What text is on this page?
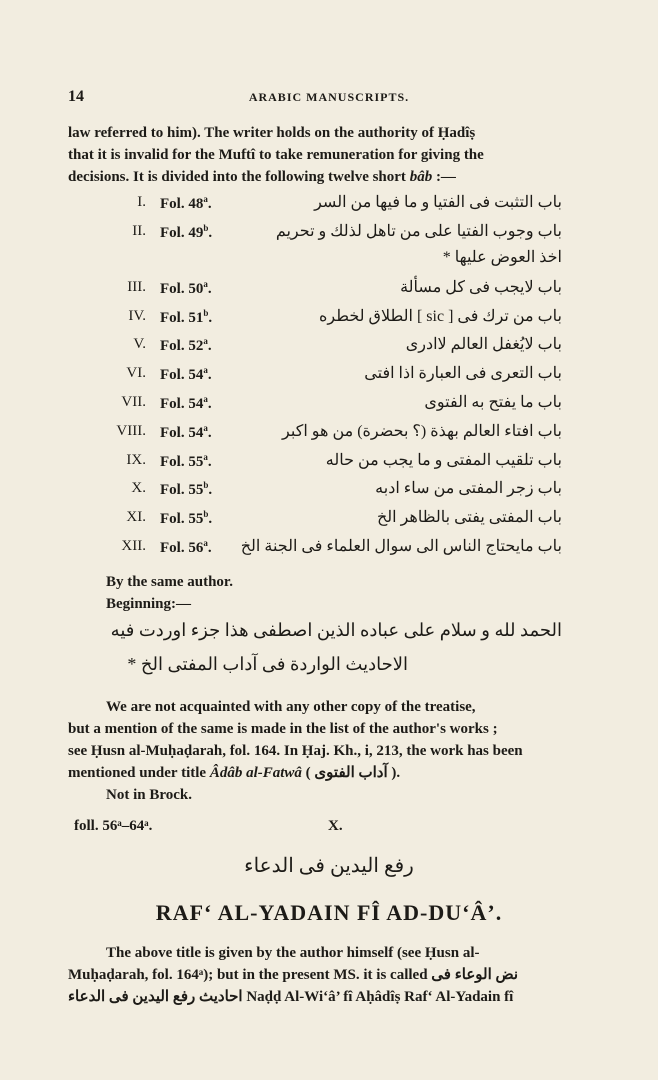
14	ARABIC MANUSCRIPTS.
law referred to him). The writer holds on the authority of Ḥadîṣ
that it is invalid for the Muftî to take remuneration for giving the
decisions. It is divided into the following twelve short bâb :—
I. Fol. 48$^a$.	باب التثبت فی الفتیا و ما فیها من السر
II. Fol. 49$^b$.	باب وجوب الفتیا علی من تاهل لذلك و تحریم
اخذ العوض علیها *
III. Fol. 50$^a$.	باب لایجب فی کل مسألة
IV. Fol. 51$^b$.	باب من ترك فی [ sic ] الطلاق لخطره
V. Fol. 52$^a$.	باب لایُغفل العالم لاادری
VI. Fol. 54$^a$.	باب التعری فی العبارة اذا افتی
VII. Fol. 54$^a$.	باب ما یفتح به الفتوی
VIII. Fol. 54$^a$.	باب افتاء العالم بهذة (؟ بحضرة) من هو اکبر
IX. Fol. 55$^a$.	باب تلقیب المفتی و ما یجب من حاله
X. Fol. 55$^b$.	باب زجر المفتی من ساء ادبه
XI. Fol. 55$^b$.	باب المفتی یفتی بالظاهر الخ
XII. Fol. 56$^a$. باب مایحتاج الناس الی سوال العلماء فی الجنة الخ
By the same author.
Beginning:—
الحمد لله و سلام علی عباده الذین اصطفی هذا جزء اوردت فیه
الاحادیث الواردة فی آداب المفتی الخ *
We are not acquainted with any other copy of the treatise,
but a mention of the same is made in the list of the author's works ;
see Ḥusn al-Muḥaḍarah, fol. 164. In Ḥaj. Kh., i, 213, the work has been
mentioned under title Âdâb al-Fatwâ ( آداب الفتوی ).
Not in Brock.
foll. 56ᵃ–64ᵃ.	X.
رفع الیدین فی الدعاء
RAF‘ AL-YADAIN FÎ AD-DU‘Â’.
The above title is given by the author himself (see Ḥusn al-
Muḥaḍarah, fol. 164ᵃ); but in the present MS. it is called نض الوعاء فی
احادیث رفع الیدین فی الدعاء Naḍḍ Al-Wi‘â’ fî Aḥâdîṣ Raf‘ Al-Yadain fî
